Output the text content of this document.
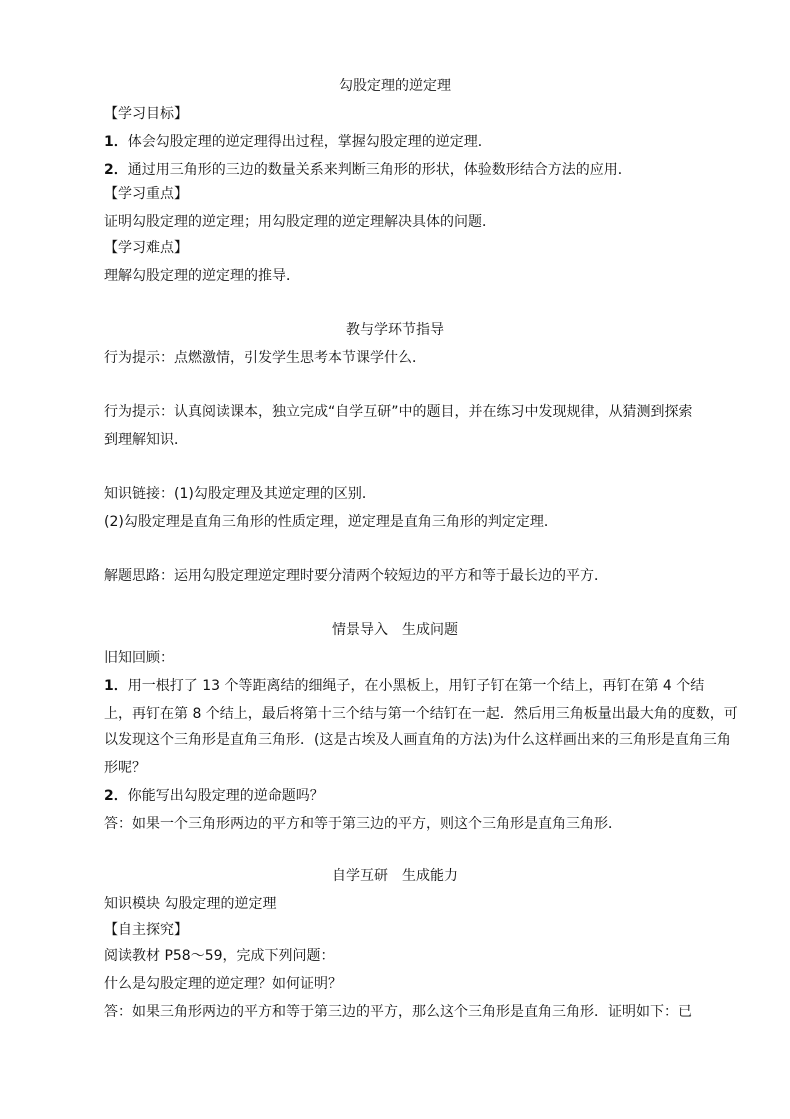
勾股定理的逆定理
【学习目标】
1．体会勾股定理的逆定理得出过程，掌握勾股定理的逆定理．
2．通过用三角形的三边的数量关系来判断三角形的形状，体验数形结合方法的应用．
【学习重点】
证明勾股定理的逆定理；用勾股定理的逆定理解决具体的问题．
【学习难点】
理解勾股定理的逆定理的推导．
教与学环节指导
行为提示：点燃激情，引发学生思考本节课学什么．
行为提示：认真阅读课本，独立完成“自学互研”中的题目，并在练习中发现规律，从猜测到探索
到理解知识．
知识链接：(1)勾股定理及其逆定理的区别．
(2)勾股定理是直角三角形的性质定理，逆定理是直角三角形的判定定理．
解题思路：运用勾股定理逆定理时要分清两个较短边的平方和等于最长边的平方．
情景导入　生成问题
旧知回顾：
1．用一根打了 13 个等距离结的细绳子，在小黑板上，用钉子钉在第一个结上，再钉在第 4 个结
上，再钉在第 8 个结上，最后将第十三个结与第一个结钉在一起．然后用三角板量出最大角的度数，可
以发现这个三角形是直角三角形．(这是古埃及人画直角的方法)为什么这样画出来的三角形是直角三角
形呢？
2．你能写出勾股定理的逆命题吗？
答：如果一个三角形两边的平方和等于第三边的平方，则这个三角形是直角三角形．
自学互研　生成能力
知识模块 勾股定理的逆定理
【自主探究】
阅读教材 P58～59，完成下列问题：
什么是勾股定理的逆定理？如何证明？
答：如果三角形两边的平方和等于第三边的平方，那么这个三角形是直角三角形．证明如下：已
